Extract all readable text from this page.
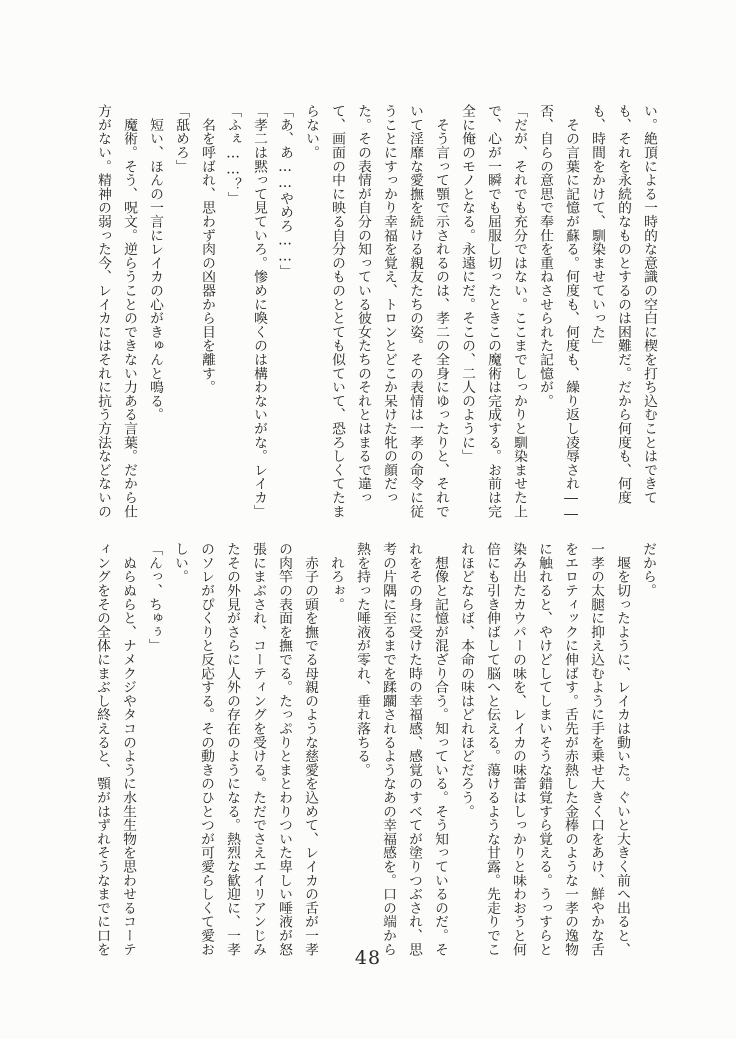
い。絶頂による一時的な意識の空白に楔を打ち込むことはできて

も、それを永続的なものとするのは困難だ。だから何度も、何度

も、時間をかけて、馴染ませていった」

　その言葉に記憶が蘇る。何度も、何度も、繰り返し凌辱され――

否、自らの意思で奉仕を重ねさせられた記憶が。

「だが、それでも充分ではない。ここまでしっかりと馴染ませた上

で、心が一瞬でも屈服し切ったときこの魔術は完成する。お前は完

全に俺のモノとなる。永遠にだ。そこの、二人のように」

　そう言って顎で示されるのは、孝二の全身にゆったりと、それで

いて淫靡な愛撫を続ける親友たちの姿。その表情は一孝の命令に従

うことにすっかり幸福を覚え、トロンとどこか呆けた牝の顔だっ

た。その表情が自分の知っている彼女たちのそれとはまるで違っ

て、画面の中に映る自分のものととても似ていて、恐ろしくてたま

らない。

「あ、あ……やめろ……」

「孝二は黙って見ていろ。惨めに喚くのは構わないがな。レイカ」

「ふぇ……？」

　名を呼ばれ、思わず肉の凶器から目を離す。

「舐めろ」

　短い、ほんの一言にレイカの心がきゅんと鳴る。

　魔術。そう、呪文。逆らうことのできない力ある言葉。だから仕

方がない。精神の弱った今、レイカにはそれに抗う方法などないの

だから。

　堰を切ったように、レイカは動いた。ぐいと大きく前へ出ると、

一孝の太腿に抑え込むように手を乗せ大きく口をあけ、鮮やかな舌

をエロティックに伸ばす。舌先が赤熱した金棒のような一孝の逸物

に触れると、やけどしてしまいそうな錯覚すら覚える。うっすらと

染み出たカウパーの味を、レイカの味蕾はしっかりと味わおうと何

倍にも引き伸ばして脳へと伝える。蕩けるような甘露。先走りでこ

れほどならば、本命の味はどれほどだろう。

　想像と記憶が混ざり合う。知っている。そう知っているのだ。そ

れをその身に受けた時の幸福感、感覚のすべてが塗りつぶされ、思

考の片隅に至るまでを蹂躙されるようなあの幸福感を。口の端から

熱を持った唾液が零れ、垂れ落ちる。

　れろぉ。

　赤子の頭を撫でる母親のような慈愛を込めて、レイカの舌が一孝

の肉竿の表面を撫でる。たっぷりとまとわりついた卑しい唾液が怒

張にまぶされ、コーティングを受ける。ただでさえエイリアンじみ

たその外見がさらに人外の存在のようになる。熱烈な歓迎に、一孝

のソレがぴくりと反応する。その動きのひとつが可愛らしくて愛お

しい。

「んっ、ちゅぅ」

　ぬらぬらと、ナメクジやタコのように水生生物を思わせるコーテ

ィングをその全体にまぶし終えると、顎がはずれそうなまでに口を

48
